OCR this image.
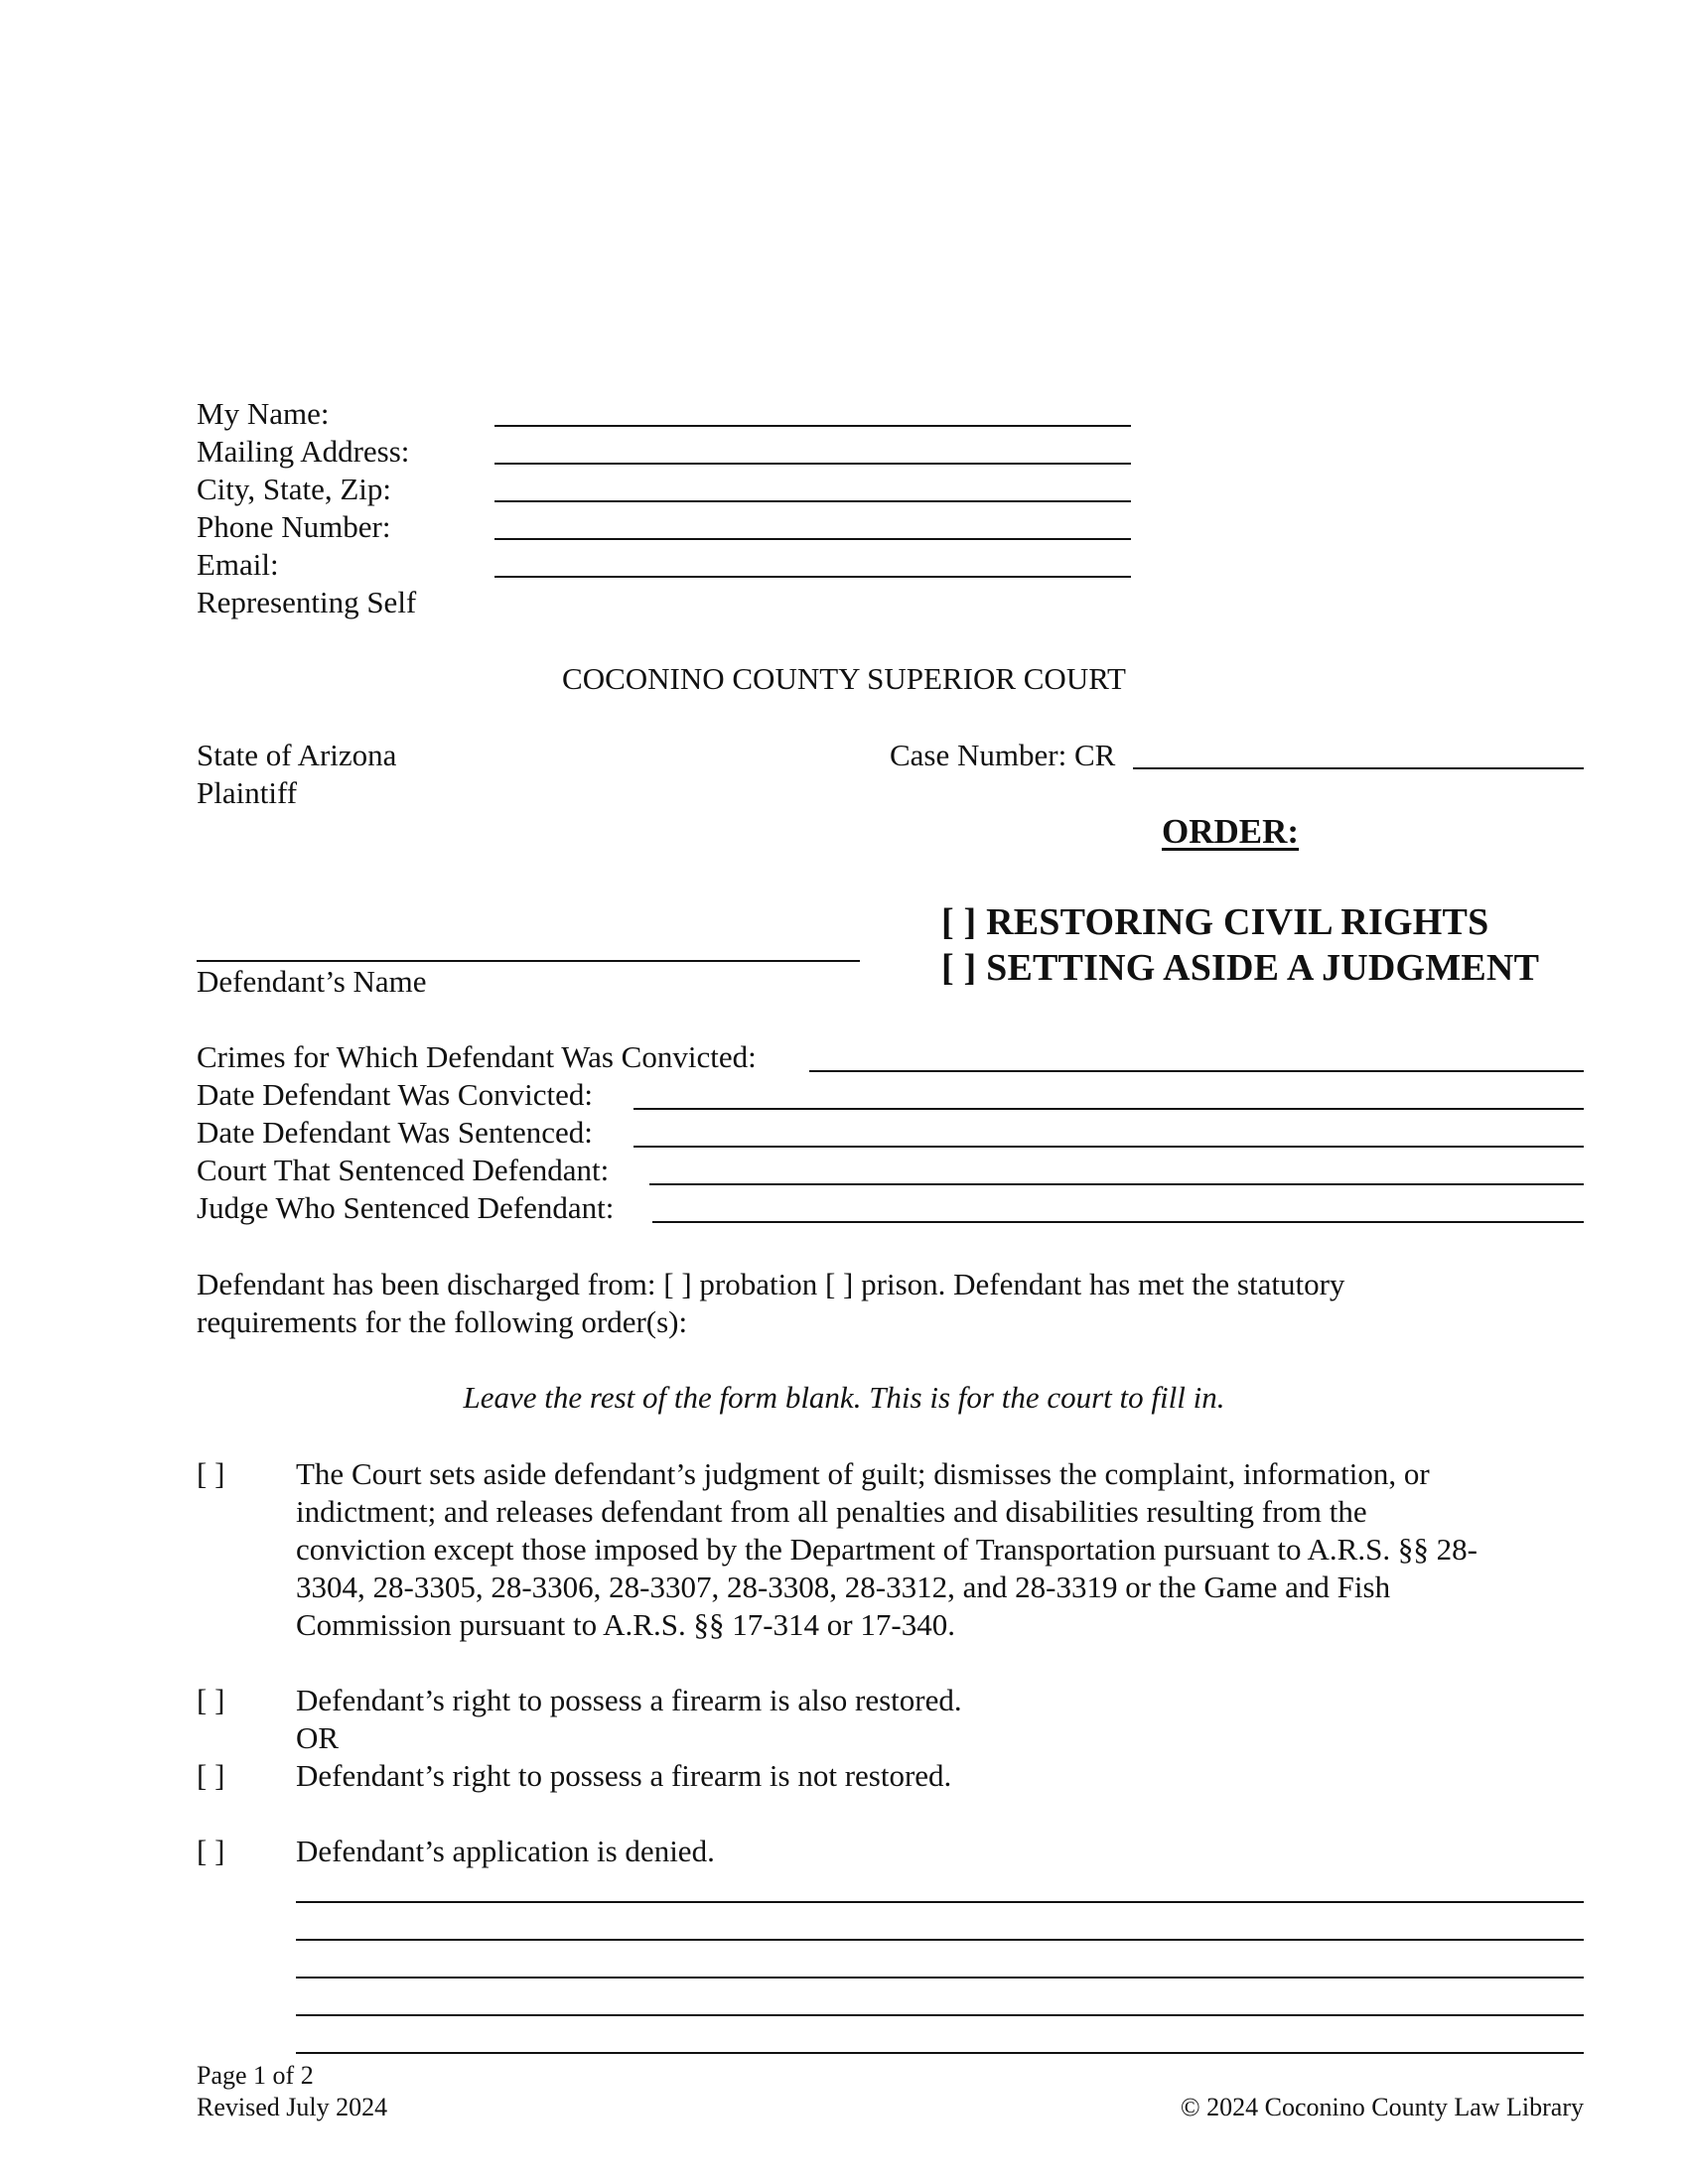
My Name:
Mailing Address:
City, State, Zip:
Phone Number:
Email:
Representing Self
COCONINO COUNTY SUPERIOR COURT
State of Arizona
Plaintiff
Defendant’s Name
Case Number: CR
ORDER:
[ ] RESTORING CIVIL RIGHTS
[ ] SETTING ASIDE A JUDGMENT
Crimes for Which Defendant Was Convicted:
Date Defendant Was Convicted:
Date Defendant Was Sentenced:
Court That Sentenced Defendant:
Judge Who Sentenced Defendant:
Defendant has been discharged from: [ ] probation [ ] prison. Defendant has met the statutory
requirements for the following order(s):
Leave the rest of the form blank. This is for the court to fill in.
[ ] The Court sets aside defendant’s judgment of guilt; dismisses the complaint, information, or
indictment; and releases defendant from all penalties and disabilities resulting from the
conviction except those imposed by the Department of Transportation pursuant to A.R.S. §§ 28-
3304, 28-3305, 28-3306, 28-3307, 28-3308, 28-3312, and 28-3319 or the Game and Fish
Commission pursuant to A.R.S. §§ 17-314 or 17-340.
[ ] Defendant’s right to possess a firearm is also restored.
OR
[ ] Defendant’s right to possess a firearm is not restored.
[ ] Defendant’s application is denied.
Page 1 of 2
Revised July 2024	© 2024 Coconino County Law Library
